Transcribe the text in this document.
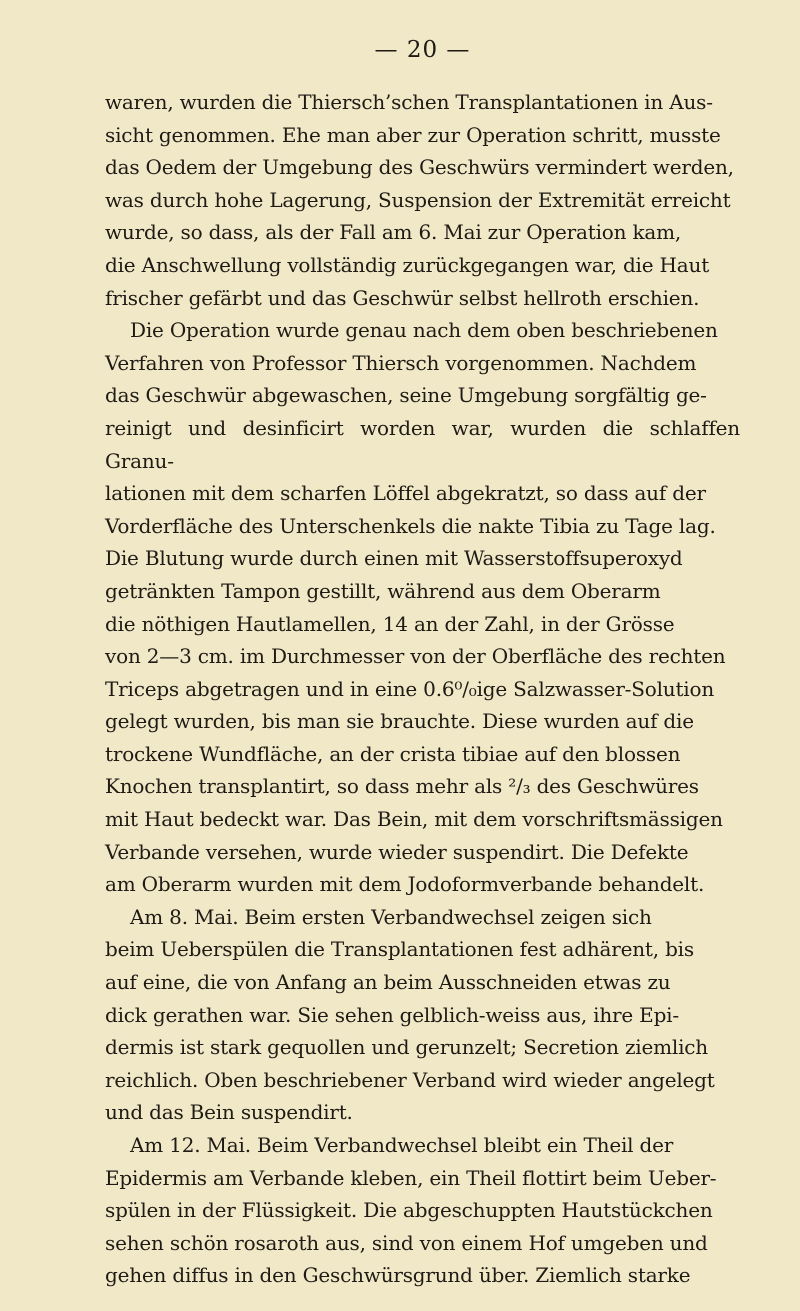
— 20 —
waren, wurden die Thiersch’schen Transplantationen in Aus-
sicht genommen. Ehe man aber zur Operation schritt, musste
das Oedem der Umgebung des Geschwürs vermindert werden,
was durch hohe Lagerung, Suspension der Extremität erreicht
wurde, so dass, als der Fall am 6. Mai zur Operation kam,
die Anschwellung vollständig zurückgegangen war, die Haut
frischer gefärbt und das Geschwür selbst hellroth erschien.
Die Operation wurde genau nach dem oben beschriebenen
Verfahren von Professor Thiersch vorgenommen. Nachdem
das Geschwür abgewaschen, seine Umgebung sorgfältig ge-
reinigt und desinficirt worden war, wurden die schlaffen Granu-
lationen mit dem scharfen Löffel abgekratzt, so dass auf der
Vorderfläche des Unterschenkels die nakte Tibia zu Tage lag.
Die Blutung wurde durch einen mit Wasserstoffsuperoxyd
getränkten Tampon gestillt, während aus dem Oberarm
die nöthigen Hautlamellen, 14 an der Zahl, in der Grösse
von 2—3 cm. im Durchmesser von der Oberfläche des rechten
Triceps abgetragen und in eine 0.6⁰/₀ige Salzwasser-Solution
gelegt wurden, bis man sie brauchte. Diese wurden auf die
trockene Wundfläche, an der crista tibiae auf den blossen
Knochen transplantirt, so dass mehr als ²/₃ des Geschwüres
mit Haut bedeckt war. Das Bein, mit dem vorschriftsmässigen
Verbande versehen, wurde wieder suspendirt. Die Defekte
am Oberarm wurden mit dem Jodoformverbande behandelt.
Am 8. Mai. Beim ersten Verbandwechsel zeigen sich
beim Ueberspülen die Transplantationen fest adhärent, bis
auf eine, die von Anfang an beim Ausschneiden etwas zu
dick gerathen war. Sie sehen gelblich-weiss aus, ihre Epi-
dermis ist stark gequollen und gerunzelt; Secretion ziemlich
reichlich. Oben beschriebener Verband wird wieder angelegt
und das Bein suspendirt.
Am 12. Mai. Beim Verbandwechsel bleibt ein Theil der
Epidermis am Verbande kleben, ein Theil flottirt beim Ueber-
spülen in der Flüssigkeit. Die abgeschuppten Hautstückchen
sehen schön rosaroth aus, sind von einem Hof umgeben und
gehen diffus in den Geschwürsgrund über. Ziemlich starke
